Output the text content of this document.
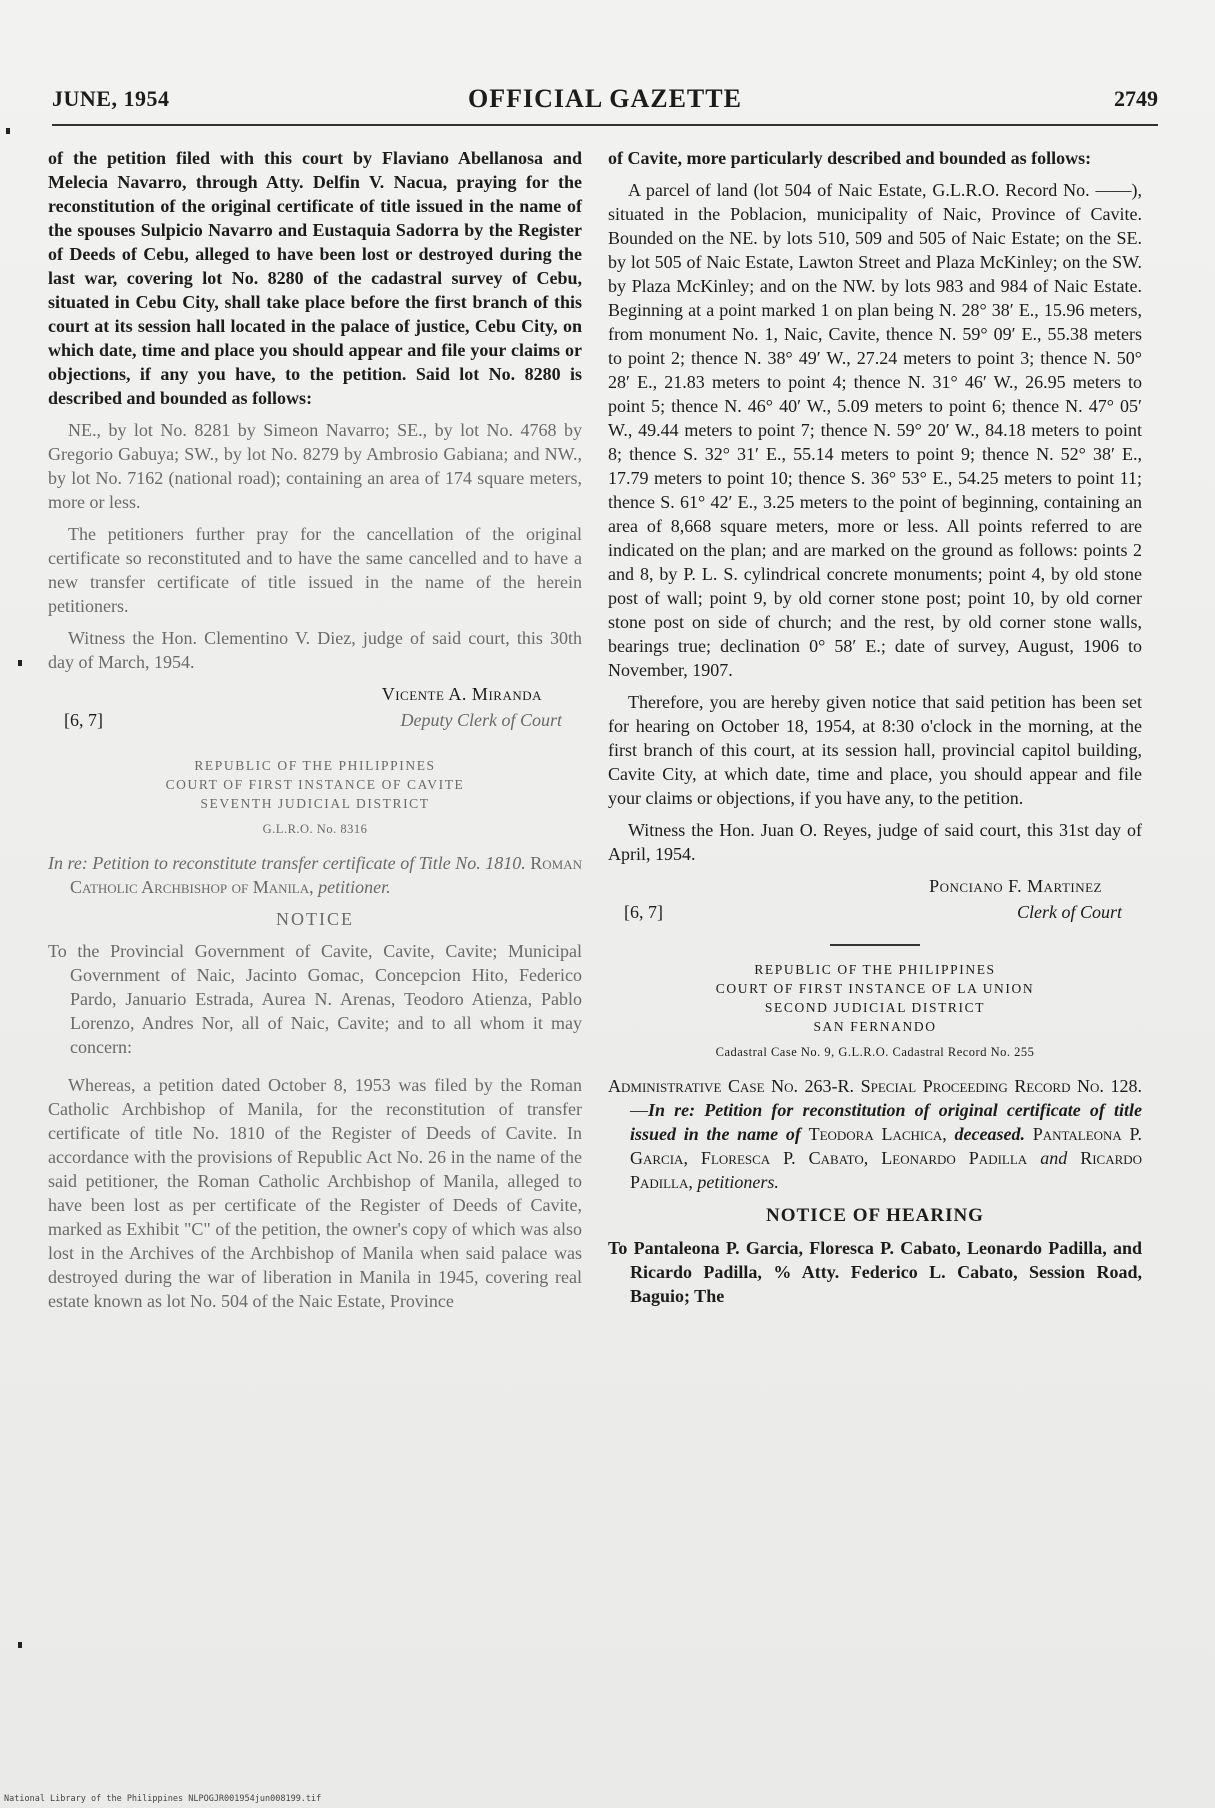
JUNE, 1954	OFFICIAL GAZETTE	2749

of the petition filed with this court by Flaviano Abellanosa and Melecia Navarro, through Atty. Delfin V. Nacua, praying for the reconstitution of the original certificate of title issued in the name of the spouses Sulpicio Navarro and Eustaquia Sadorra by the Register of Deeds of Cebu, alleged to have been lost or destroyed during the last war, covering lot No. 8280 of the cadastral survey of Cebu, situated in Cebu City, shall take place before the first branch of this court at its session hall located in the palace of justice, Cebu City, on which date, time and place you should appear and file your claims or objections, if any you have, to the petition. Said lot No. 8280 is described and bounded as follows:

NE., by lot No. 8281 by Simeon Navarro; SE., by lot No. 4768 by Gregorio Gabuya; SW., by lot No. 8279 by Ambrosio Gabiana; and NW., by lot No. 7162 (national road); containing an area of 174 square meters, more or less.

The petitioners further pray for the cancellation of the original certificate so reconstituted and to have the same cancelled and to have a new transfer certificate of title issued in the name of the herein petitioners.

Witness the Hon. Clementino V. Diez, judge of said court, this 30th day of March, 1954.

Vicente A. Miranda
[6, 7]	Deputy Clerk of Court
REPUBLIC OF THE PHILIPPINES
COURT OF FIRST INSTANCE OF CAVITE
SEVENTH JUDICIAL DISTRICT
G.L.R.O. No. 8316

In re: Petition to reconstitute transfer certificate of Title No. 1810. Roman Catholic Archbishop of Manila, petitioner.

NOTICE

To the Provincial Government of Cavite, Cavite, Cavite; Municipal Government of Naic, Jacinto Gomac, Concepcion Hito, Federico Pardo, Januario Estrada, Aurea N. Arenas, Teodoro Atienza, Pablo Lorenzo, Andres Nor, all of Naic, Cavite; and to all whom it may concern:

Whereas, a petition dated October 8, 1953 was filed by the Roman Catholic Archbishop of Manila, for the reconstitution of transfer certificate of title No. 1810 of the Register of Deeds of Cavite. In accordance with the provisions of Republic Act No. 26 in the name of the said petitioner, the Roman Catholic Archbishop of Manila, alleged to have been lost as per certificate of the Register of Deeds of Cavite, marked as Exhibit "C" of the petition, the owner's copy of which was also lost in the Archives of the Archbishop of Manila when said palace was destroyed during the war of liberation in Manila in 1945, covering real estate known as lot No. 504 of the Naic Estate, Province

of Cavite, more particularly described and bounded as follows:

A parcel of land (lot 504 of Naic Estate, G.L.R.O. Record No. ——), situated in the Poblacion, municipality of Naic, Province of Cavite. Bounded on the NE. by lots 510, 509 and 505 of Naic Estate; on the SE. by lot 505 of Naic Estate, Lawton Street and Plaza McKinley; on the SW. by Plaza McKinley; and on the NW. by lots 983 and 984 of Naic Estate. Beginning at a point marked 1 on plan being N. 28° 38′ E., 15.96 meters, from monument No. 1, Naic, Cavite, thence N. 59° 09′ E., 55.38 meters to point 2; thence N. 38° 49′ W., 27.24 meters to point 3; thence N. 50° 28′ E., 21.83 meters to point 4; thence N. 31° 46′ W., 26.95 meters to point 5; thence N. 46° 40′ W., 5.09 meters to point 6; thence N. 47° 05′ W., 49.44 meters to point 7; thence N. 59° 20′ W., 84.18 meters to point 8; thence S. 32° 31′ E., 55.14 meters to point 9; thence N. 52° 38′ E., 17.79 meters to point 10; thence S. 36° 53° E., 54.25 meters to point 11; thence S. 61° 42′ E., 3.25 meters to the point of beginning, containing an area of 8,668 square meters, more or less. All points referred to are indicated on the plan; and are marked on the ground as follows: points 2 and 8, by P. L. S. cylindrical concrete monuments; point 4, by old stone post of wall; point 9, by old corner stone post; point 10, by old corner stone post on side of church; and the rest, by old corner stone walls, bearings true; declination 0° 58′ E.; date of survey, August, 1906 to November, 1907.

Therefore, you are hereby given notice that said petition has been set for hearing on October 18, 1954, at 8:30 o'clock in the morning, at the first branch of this court, at its session hall, provincial capitol building, Cavite City, at which date, time and place, you should appear and file your claims or objections, if you have any, to the petition.

Witness the Hon. Juan O. Reyes, judge of said court, this 31st day of April, 1954.

Ponciano F. Martinez
[6, 7]	Clerk of Court
REPUBLIC OF THE PHILIPPINES
COURT OF FIRST INSTANCE OF LA UNION
SECOND JUDICIAL DISTRICT
SAN FERNANDO
Cadastral Case No. 9, G.L.R.O. Cadastral Record No. 255

Administrative Case No. 263-R. Special Proceeding Record No. 128.—In re: Petition for reconstitution of original certificate of title issued in the name of Teodora Lachica, deceased. Pantaleona P. Garcia, Floresca P. Cabato, Leonardo Padilla and Ricardo Padilla, petitioners.

NOTICE OF HEARING

To Pantaleona P. Garcia, Floresca P. Cabato, Leonardo Padilla, and Ricardo Padilla, % Atty. Federico L. Cabato, Session Road, Baguio; The

National Library of the Philippines NLPOGJR001954jun008199.tif
